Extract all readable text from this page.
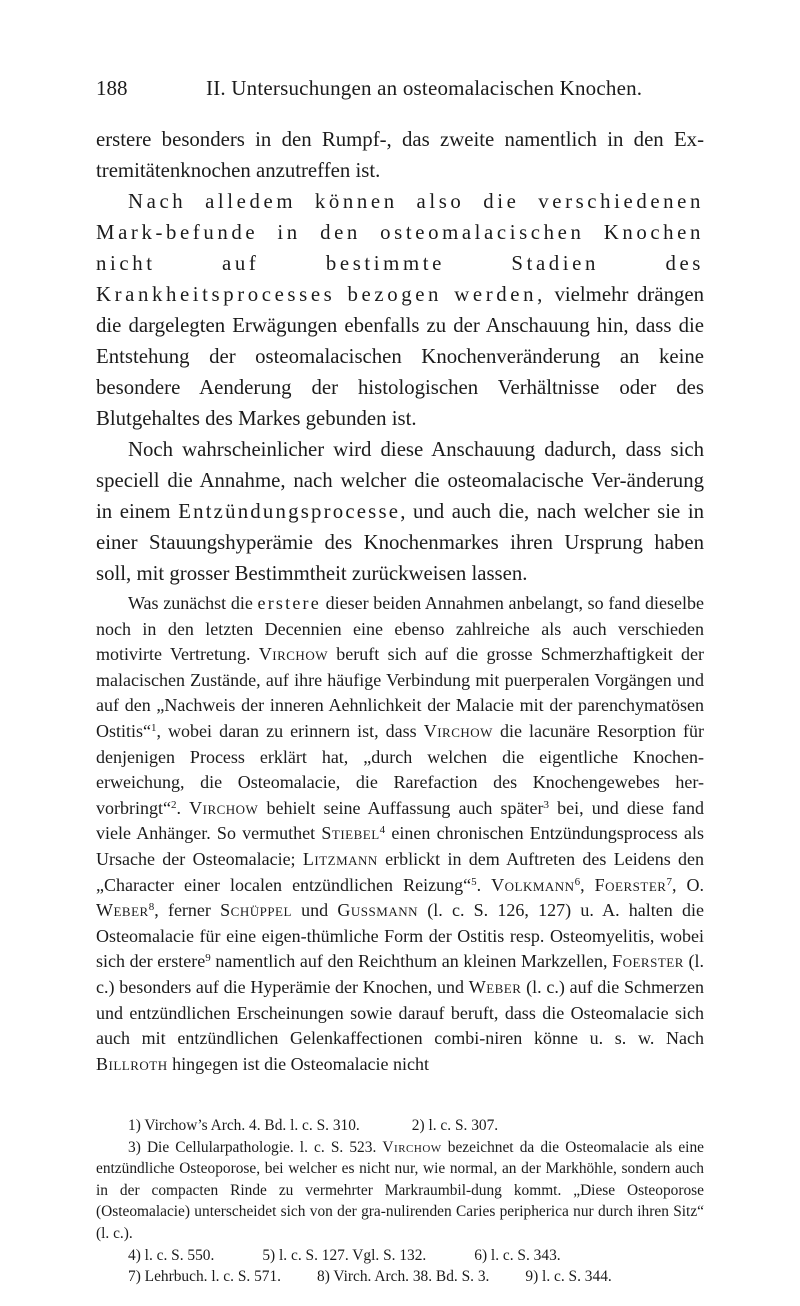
188	II. Untersuchungen an osteomalacischen Knochen.

erstere besonders in den Rumpf-, das zweite namentlich in den Ex-tremitätenknochen anzutreffen ist.

Nach alledem können also die verschiedenen Mark-befunde in den osteomalacischen Knochen nicht auf bestimmte Stadien des Krankheitsprocesses bezogen werden, vielmehr drängen die dargelegten Erwägungen ebenfalls zu der Anschauung hin, dass die Entstehung der osteomalacischen Knochenveränderung an keine besondere Aenderung der histologischen Verhältnisse oder des Blutgehaltes des Markes gebunden ist.

Noch wahrscheinlicher wird diese Anschauung dadurch, dass sich speciell die Annahme, nach welcher die osteomalacische Ver-änderung in einem Entzündungsprocesse, und auch die, nach welcher sie in einer Stauungshyperämie des Knochenmarkes ihren Ursprung haben soll, mit grosser Bestimmtheit zurückweisen lassen.

Was zunächst die erstere dieser beiden Annahmen anbelangt, so fand dieselbe noch in den letzten Decennien eine ebenso zahlreiche als auch verschieden motivirte Vertretung. Virchow beruft sich auf die grosse Schmerzhaftigkeit der malacischen Zustände, auf ihre häufige Verbindung mit puerperalen Vorgängen und auf den „Nachweis der inneren Aehnlichkeit der Malacie mit der parenchymatösen Ostitis“$^1$, wobei daran zu erinnern ist, dass Virchow die lacunäre Resorption für denjenigen Process erklärt hat, „durch welchen die eigentliche Knochen-erweichung, die Osteomalacie, die Rarefaction des Knochengewebes her-vorbringt“$^2$. Virchow behielt seine Auffassung auch später$^3$ bei, und diese fand viele Anhänger. So vermuthet Stiebel$^4$ einen chronischen Entzündungsprocess als Ursache der Osteomalacie; Litzmann erblickt in dem Auftreten des Leidens den „Character einer localen entzündlichen Reizung“$^5$. Volkmann$^6$, Foerster$^7$, O. Weber$^8$, ferner Schüppel und Gussmann (l. c. S. 126, 127) u. A. halten die Osteomalacie für eine eigen-thümliche Form der Ostitis resp. Osteomyelitis, wobei sich der erstere$^9$ namentlich auf den Reichthum an kleinen Markzellen, Foerster (l. c.) besonders auf die Hyperämie der Knochen, und Weber (l. c.) auf die Schmerzen und entzündlichen Erscheinungen sowie darauf beruft, dass die Osteomalacie sich auch mit entzündlichen Gelenkaffectionen combi-niren könne u. s. w. Nach Billroth hingegen ist die Osteomalacie nicht

1) Virchow’s Arch. 4. Bd. l. c. S. 310.	2) l. c. S. 307.

3) Die Cellularpathologie. l. c. S. 523. Virchow bezeichnet da die Osteomalacie als eine entzündliche Osteoporose, bei welcher es nicht nur, wie normal, an der Markhöhle, sondern auch in der compacten Rinde zu vermehrter Markraumbil-dung kommt. „Diese Osteoporose (Osteomalacie) unterscheidet sich von der gra-nulirenden Caries peripherica nur durch ihren Sitz“ (l. c.).

4) l. c. S. 550.	5) l. c. S. 127. Vgl. S. 132.	6) l. c. S. 343.
7) Lehrbuch. l. c. S. 571. 8) Virch. Arch. 38. Bd. S. 3. 9) l. c. S. 344.
